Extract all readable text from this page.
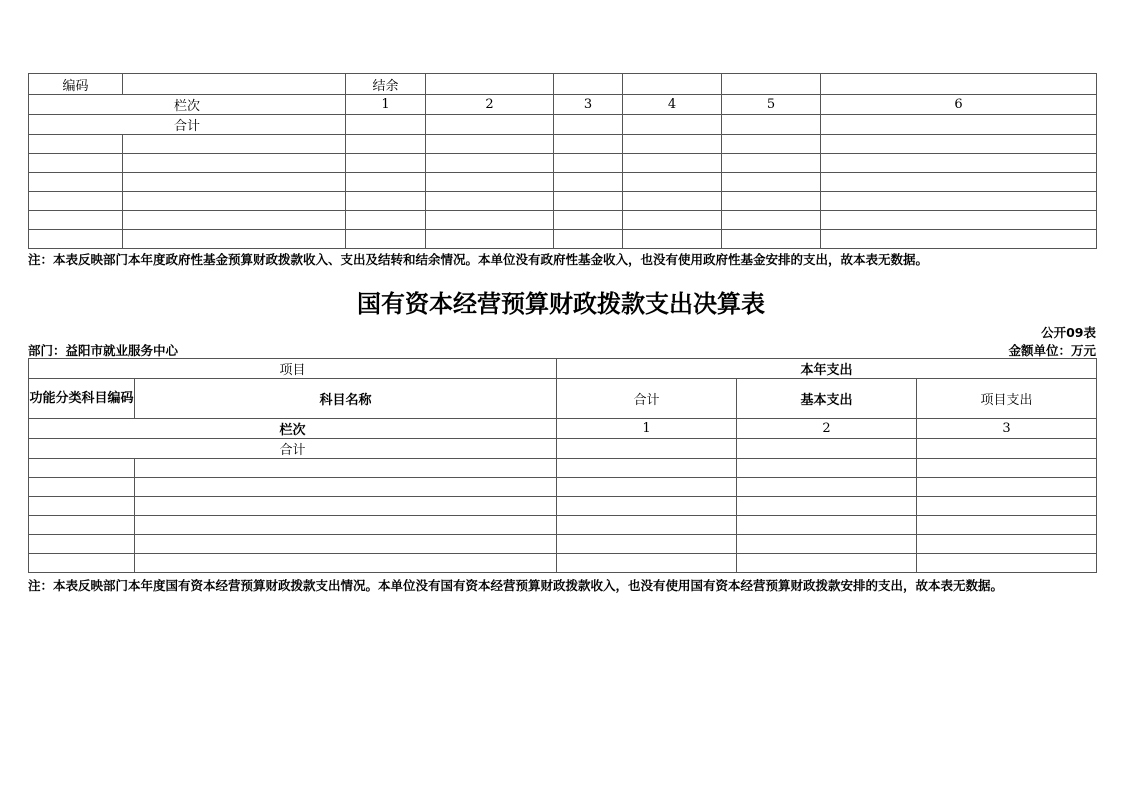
编码		结余					
栏次		1	2	3	4	5	6
合计							

注：本表反映部门本年度政府性基金预算财政拨款收入、支出及结转和结余情况。本单位没有政府性基金收入，也没有使用政府性基金安排的支出，故本表无数据。
国有资本经营预算财政拨款支出决算表
公开09表
部门：益阳市就业服务中心	金额单位：万元
项目		本年支出		
功能分类科目编码	科目名称	合计	基本支出	项目支出
栏次		1	2	3
合计				

注：本表反映部门本年度国有资本经营预算财政拨款支出情况。本单位没有国有资本经营预算财政拨款收入，也没有使用国有资本经营预算财政拨款安排的支出，故本表无数据。
